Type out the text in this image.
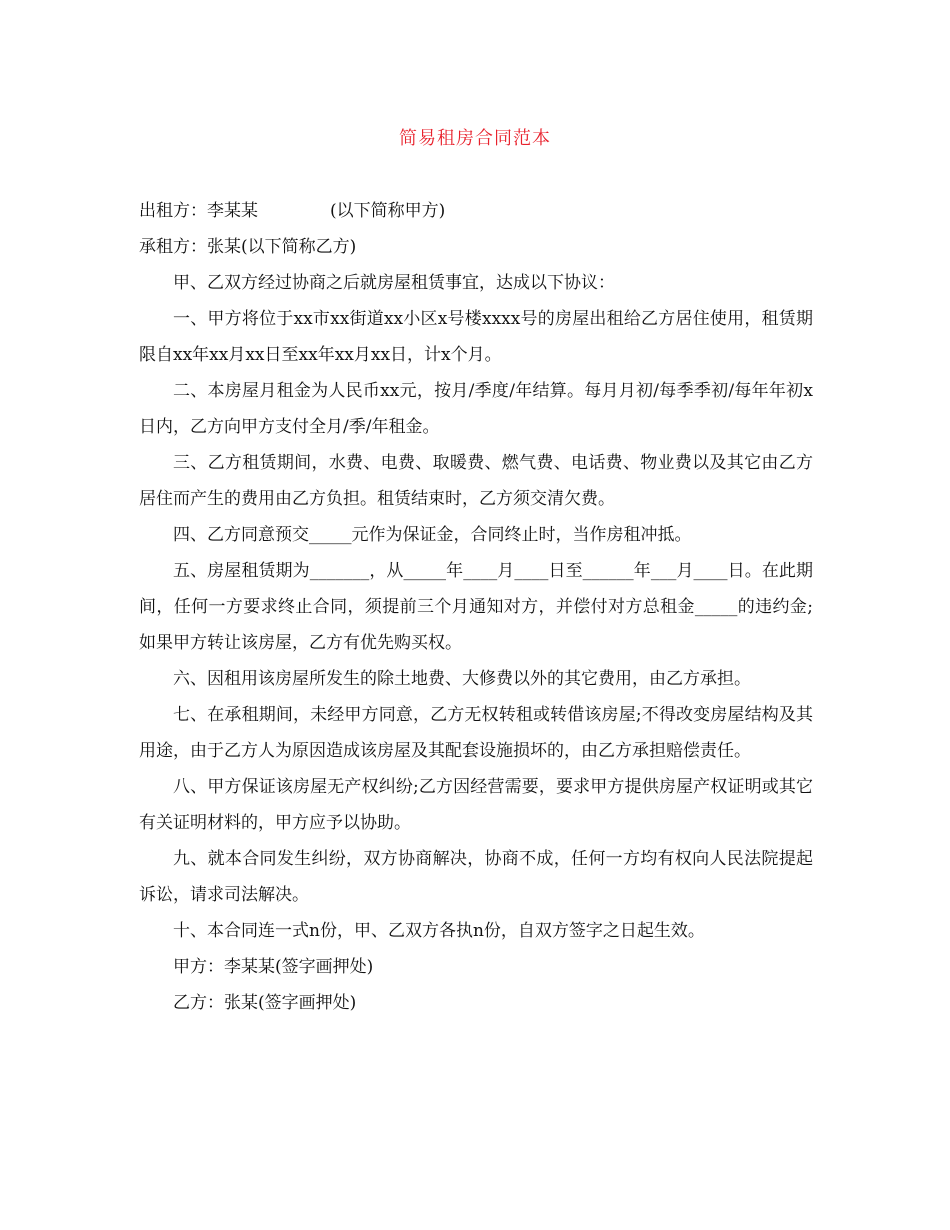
简易租房合同范本

出租方：李某某	(以下简称甲方)

承租方：张某(以下简称乙方)

甲、乙双方经过协商之后就房屋租赁事宜，达成以下协议：

一、甲方将位于xx市xx街道xx小区x号楼xxxx号的房屋出租给乙方居住使用，租赁期限自xx年xx月xx日至xx年xx月xx日，计x个月。

二、本房屋月租金为人民币xx元，按月/季度/年结算。每月月初/每季季初/每年年初x日内，乙方向甲方支付全月/季/年租金。

三、乙方租赁期间，水费、电费、取暖费、燃气费、电话费、物业费以及其它由乙方居住而产生的费用由乙方负担。租赁结束时，乙方须交清欠费。

四、乙方同意预交_____元作为保证金，合同终止时，当作房租冲抵。

五、房屋租赁期为_______，从_____年____月____日至______年___月____日。在此期间，任何一方要求终止合同，须提前三个月通知对方，并偿付对方总租金_____的违约金;如果甲方转让该房屋，乙方有优先购买权。

六、因租用该房屋所发生的除土地费、大修费以外的其它费用，由乙方承担。

七、在承租期间，未经甲方同意，乙方无权转租或转借该房屋;不得改变房屋结构及其用途，由于乙方人为原因造成该房屋及其配套设施损坏的，由乙方承担赔偿责任。

八、甲方保证该房屋无产权纠纷;乙方因经营需要，要求甲方提供房屋产权证明或其它有关证明材料的，甲方应予以协助。

九、就本合同发生纠纷，双方协商解决，协商不成，任何一方均有权向人民法院提起诉讼，请求司法解决。

十、本合同连一式n份，甲、乙双方各执n份，自双方签字之日起生效。

甲方：李某某(签字画押处)

乙方：张某(签字画押处)
